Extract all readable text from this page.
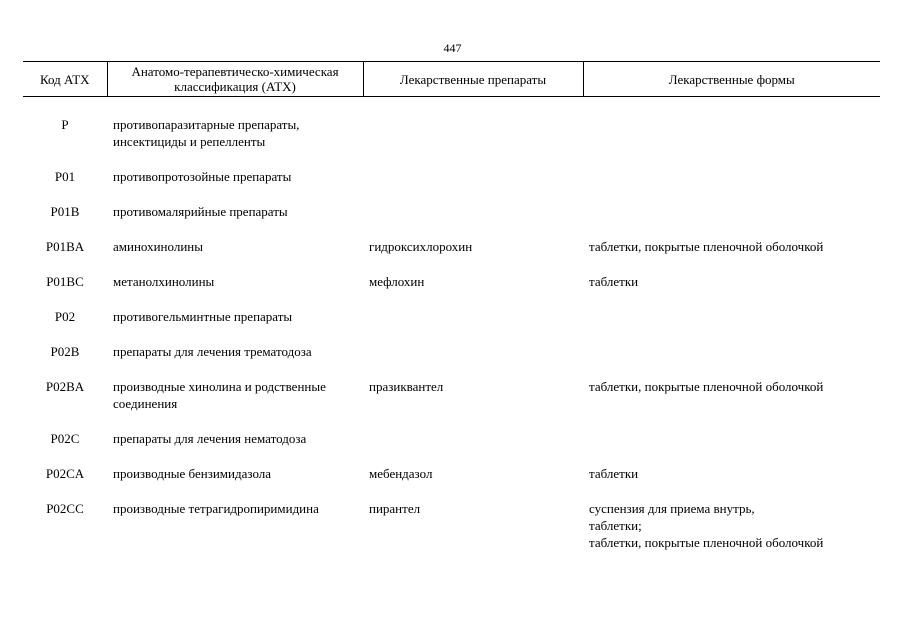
447
Код АТХ	Анатомо-терапевтическо-химическая классификация (АТХ)	Лекарственные препараты	Лекарственные формы
P	противопаразитарные препараты, инсектициды и репелленты		
P01	противопротозойные препараты		
P01B	противомалярийные препараты		
P01BA	аминохинолины	гидроксихлорохин	таблетки, покрытые пленочной оболочкой
P01BC	метанолхинолины	мефлохин	таблетки
P02	противогельминтные препараты		
P02B	препараты для лечения трематодоза		
P02BA	производные хинолина и родственные соединения	празиквантел	таблетки, покрытые пленочной оболочкой
P02C	препараты для лечения нематодоза		
P02CA	производные бензимидазола	мебендазол	таблетки
P02CC	производные тетрагидропиримидина	пирантел	суспензия для приема внутрь,
таблетки;
таблетки, покрытые пленочной оболочкой
